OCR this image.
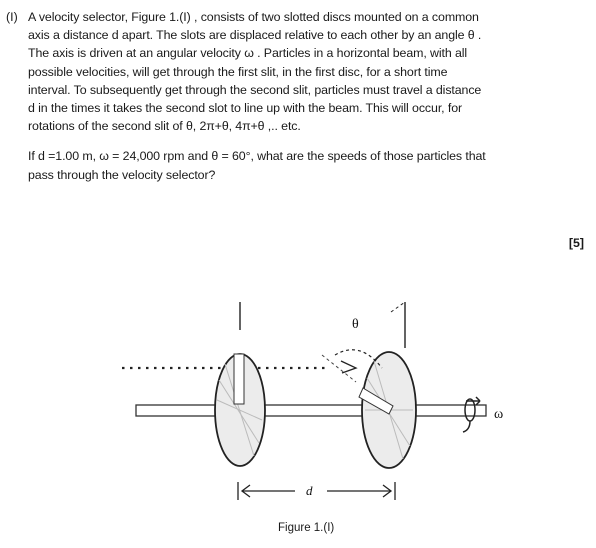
(I) A velocity selector, Figure 1.(I) , consists of two slotted discs mounted on a common
axis a distance d apart. The slots are displaced relative to each other by an angle θ .
The axis is driven at an angular velocity ω . Particles in a horizontal beam, with all
possible velocities, will get through the first slit, in the first disc, for a short time
interval. To subsequently get through the second slit, particles must travel a distance
d in the times it takes the second slot to line up with the beam. This will occur, for
rotations of the second slit of θ, 2π+θ, 4π+θ ,.. etc.
If d =1.00 m, ω = 24,000 rpm and θ = 60°, what are the speeds of those particles that
pass through the velocity selector?
[5]
θ
ω
d
Figure 1.(I)
